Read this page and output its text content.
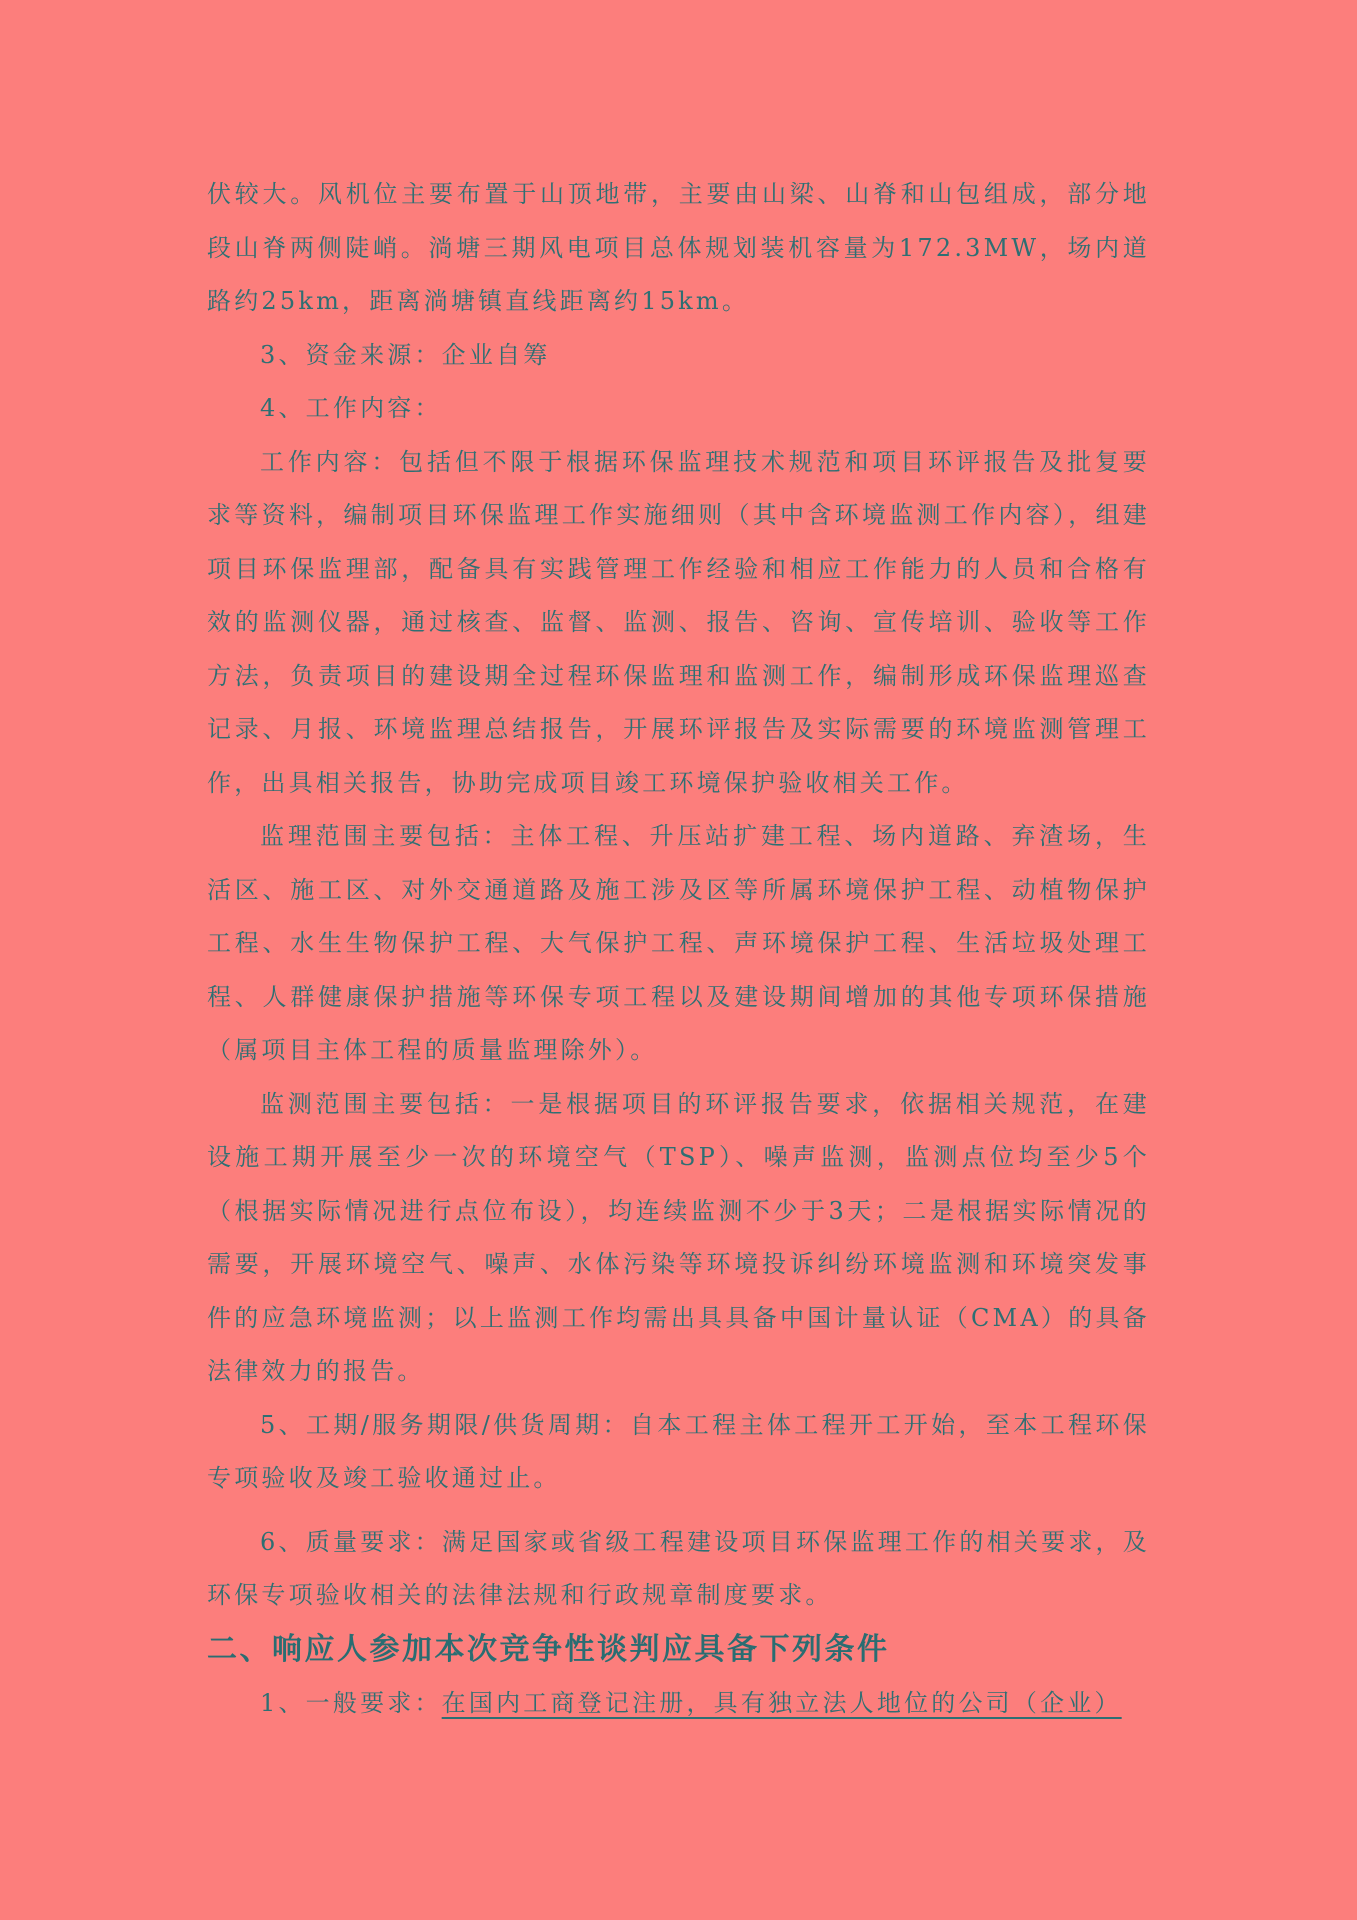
伏较大。风机位主要布置于山顶地带，主要由山梁、山脊和山包组成，部分地段山脊两侧陡峭。淌塘三期风电项目总体规划装机容量为172.3MW，场内道路约25km，距离淌塘镇直线距离约15km。

3、资金来源：企业自筹

4、工作内容：

工作内容：包括但不限于根据环保监理技术规范和项目环评报告及批复要求等资料，编制项目环保监理工作实施细则（其中含环境监测工作内容），组建项目环保监理部，配备具有实践管理工作经验和相应工作能力的人员和合格有效的监测仪器，通过核查、监督、监测、报告、咨询、宣传培训、验收等工作方法，负责项目的建设期全过程环保监理和监测工作，编制形成环保监理巡查记录、月报、环境监理总结报告，开展环评报告及实际需要的环境监测管理工作，出具相关报告，协助完成项目竣工环境保护验收相关工作。

监理范围主要包括：主体工程、升压站扩建工程、场内道路、弃渣场，生活区、施工区、对外交通道路及施工涉及区等所属环境保护工程、动植物保护工程、水生生物保护工程、大气保护工程、声环境保护工程、生活垃圾处理工程、人群健康保护措施等环保专项工程以及建设期间增加的其他专项环保措施（属项目主体工程的质量监理除外）。

监测范围主要包括：一是根据项目的环评报告要求，依据相关规范，在建设施工期开展至少一次的环境空气（TSP）、噪声监测，监测点位均至少5个（根据实际情况进行点位布设），均连续监测不少于3天；二是根据实际情况的需要，开展环境空气、噪声、水体污染等环境投诉纠纷环境监测和环境突发事件的应急环境监测；以上监测工作均需出具具备中国计量认证（CMA）的具备法律效力的报告。

5、工期/服务期限/供货周期：自本工程主体工程开工开始，至本工程环保专项验收及竣工验收通过止。

6、质量要求：满足国家或省级工程建设项目环保监理工作的相关要求，及环保专项验收相关的法律法规和行政规章制度要求。

二、响应人参加本次竞争性谈判应具备下列条件

1、一般要求：在国内工商登记注册，具有独立法人地位的公司（企业）
